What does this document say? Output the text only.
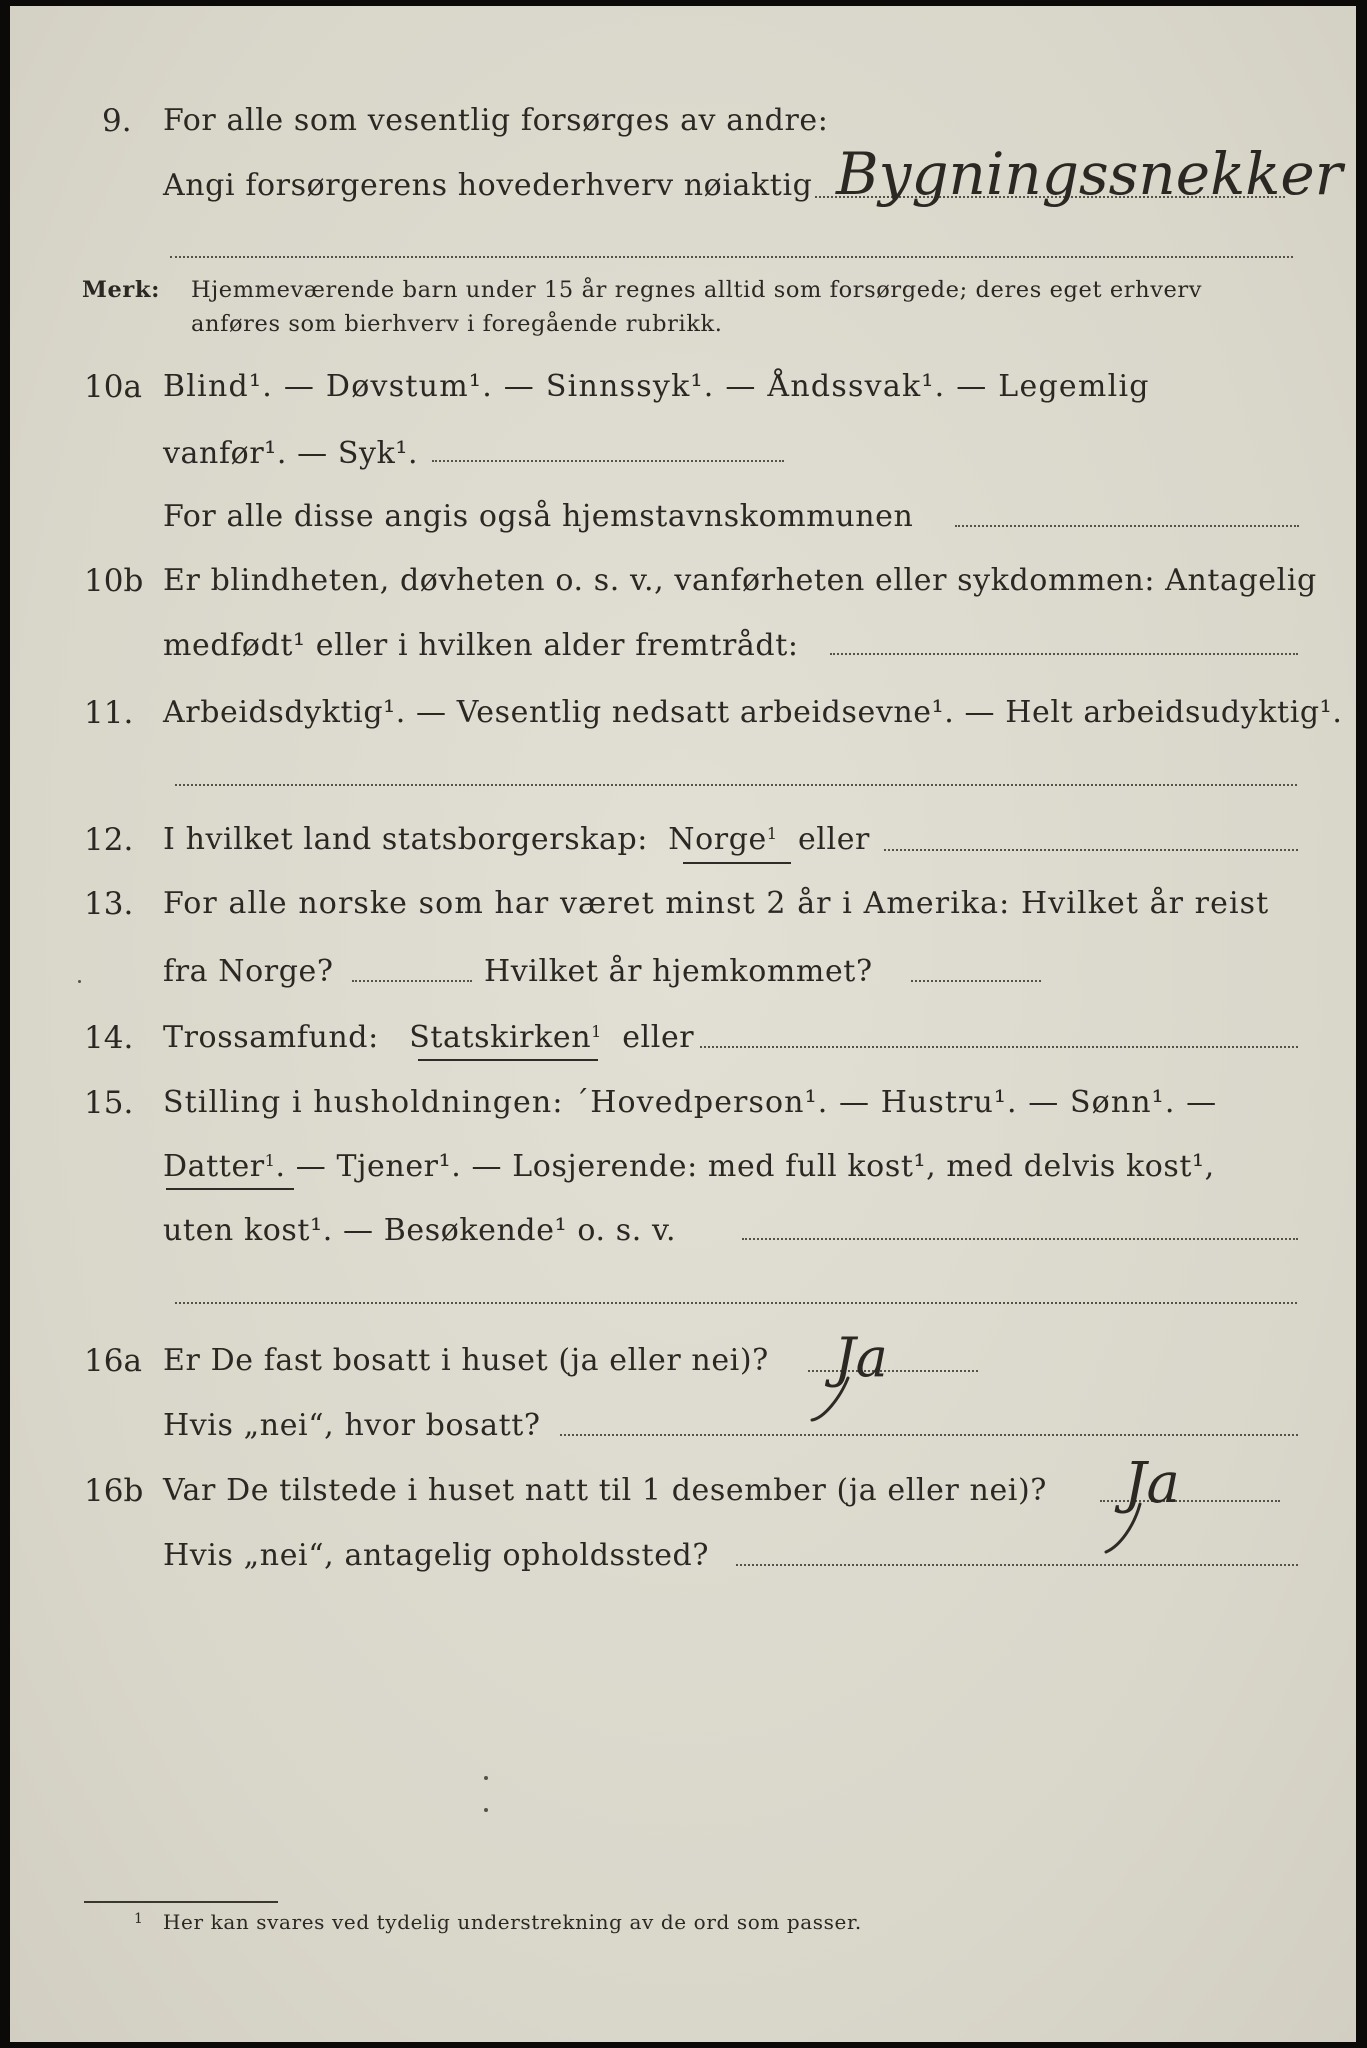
9. For alle som vesentlig forsørges av andre:
Angi forsørgerens hovederhverv nøiaktig Bygningssnekker
Merk: Hjemmeværende barn under 15 år regnes alltid som forsørgede; deres eget erhverv
anføres som bierhverv i foregående rubrikk.
10a Blind¹. — Døvstum¹. — Sinnssyk¹. — Åndssvak¹. — Legemlig
vanfør¹. — Syk¹.
For alle disse angis også hjemstavnskommunen
10b Er blindheten, døvheten o. s. v., vanførheten eller sykdommen: Antagelig
medfødt¹ eller i hvilken alder fremtrådt:
11. Arbeidsdyktig¹. — Vesentlig nedsatt arbeidsevne¹. — Helt arbeidsudyktig¹.
12. I hvilket land statsborgerskap: Norge$^1$ eller
13. For alle norske som har været minst 2 år i Amerika: Hvilket år reist
fra Norge?	Hvilket år hjemkommet?
14. Trossamfund: Statskirken$^1$ eller
15. Stilling i husholdningen: ˊHovedperson¹. — Hustru¹. — Sønn¹. —
Datter$^1$. — Tjener¹. — Losjerende: med full kost¹, med delvis kost¹,
uten kost¹. — Besøkende¹ o. s. v.
16a Er De fast bosatt i huset (ja eller nei)? Ja
Hvis „nei“, hvor bosatt?
16b Var De tilstede i huset natt til 1 desember (ja eller nei)? Ja
Hvis „nei“, antagelig opholdssted?
1 Her kan svares ved tydelig understrekning av de ord som passer.
